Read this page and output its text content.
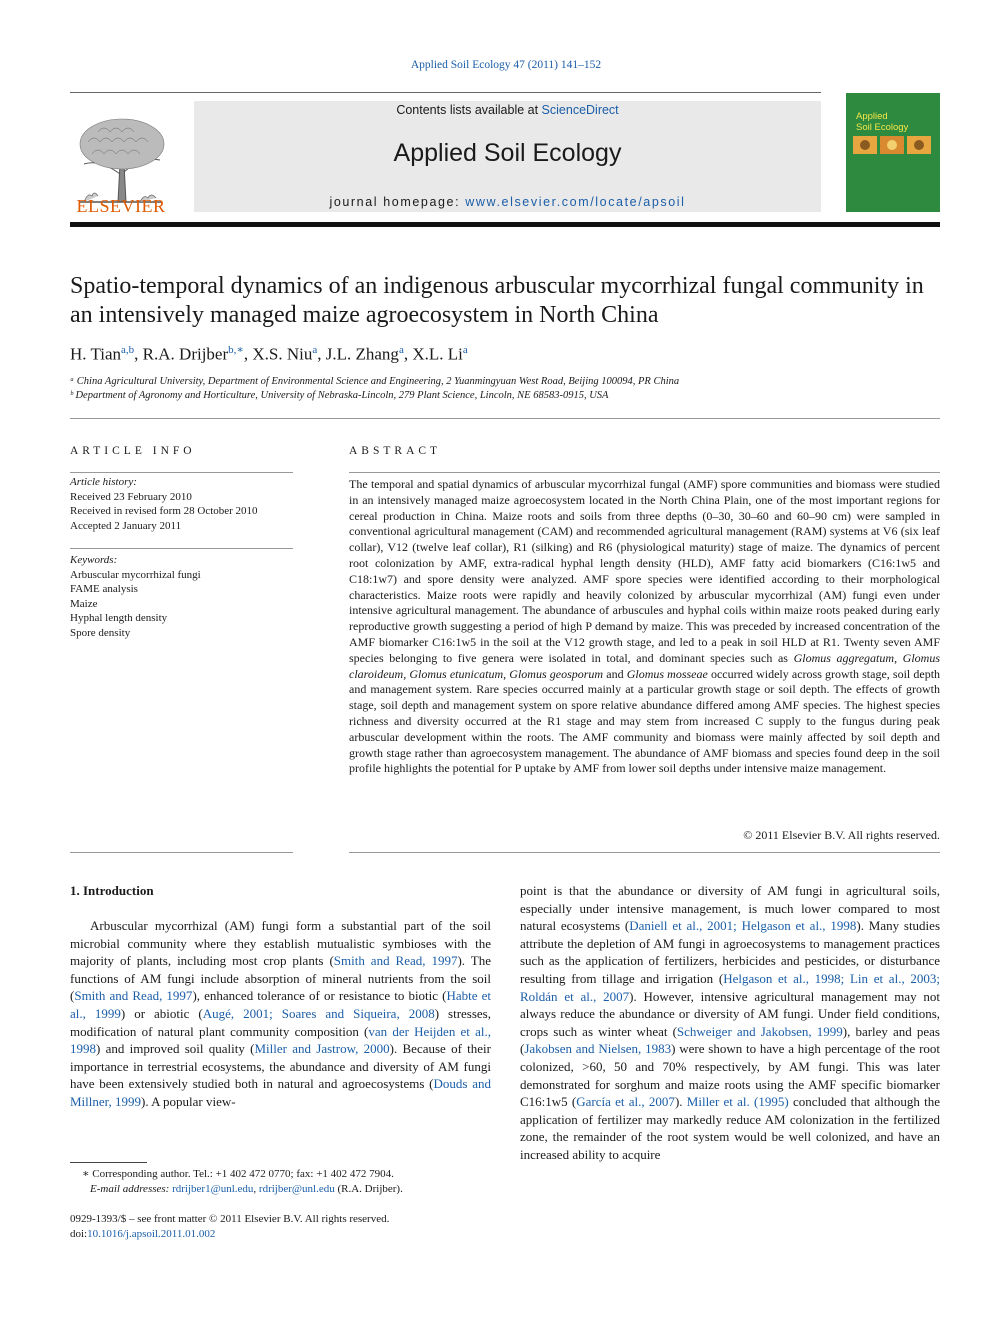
Applied Soil Ecology 47 (2011) 141–152
ELSEVIER
Contents lists available at ScienceDirect
Applied Soil Ecology
journal homepage: www.elsevier.com/locate/apsoil
Applied
Soil Ecology
Spatio-temporal dynamics of an indigenous arbuscular mycorrhizal fungal community in an intensively managed maize agroecosystem in North China
H. Tian$^{a,b}$, R.A. Drijber$^{b,∗}$, X.S. Niu$^a$, J.L. Zhang$^a$, X.L. Li$^a$
ᵃ China Agricultural University, Department of Environmental Science and Engineering, 2 Yuanmingyuan West Road, Beijing 100094, PR China
ᵇ Department of Agronomy and Horticulture, University of Nebraska-Lincoln, 279 Plant Science, Lincoln, NE 68583-0915, USA
ARTICLE INFO	ABSTRACT
Article history:
Received 23 February 2010
Received in revised form 28 October 2010
Accepted 2 January 2011
Keywords:
Arbuscular mycorrhizal fungi
FAME analysis
Maize
Hyphal length density
Spore density
The temporal and spatial dynamics of arbuscular mycorrhizal fungal (AMF) spore communities and biomass were studied in an intensively managed maize agroecosystem located in the North China Plain, one of the most important regions for cereal production in China. Maize roots and soils from three depths (0–30, 30–60 and 60–90 cm) were sampled in conventional agricultural management (CAM) and recommended agricultural management (RAM) systems at V6 (six leaf collar), V12 (twelve leaf collar), R1 (silking) and R6 (physiological maturity) stage of maize. The dynamics of percent root colonization by AMF, extra-radical hyphal length density (HLD), AMF fatty acid biomarkers (C16:1w5 and C18:1w7) and spore density were analyzed. AMF spore species were identified according to their morphological characteristics. Maize roots were rapidly and heavily colonized by arbuscular mycorrhizal (AM) fungi even under intensive agricultural management. The abundance of arbuscules and hyphal coils within maize roots peaked during early reproductive growth suggesting a period of high P demand by maize. This was preceded by increased concentration of the AMF biomarker C16:1w5 in the soil at the V12 growth stage, and led to a peak in soil HLD at R1. Twenty seven AMF species belonging to five genera were isolated in total, and dominant species such as Glomus aggregatum, Glomus claroideum, Glomus etunicatum, Glomus geosporum and Glomus mosseae occurred widely across growth stage, soil depth and management system. Rare species occurred mainly at a particular growth stage or soil depth. The effects of growth stage, soil depth and management system on spore relative abundance differed among AMF species. The highest species richness and diversity occurred at the R1 stage and may stem from increased C supply to the fungus during peak arbuscular development within the roots. The AMF community and biomass were mainly affected by soil depth and growth stage rather than agroecosystem management. The abundance of AMF biomass and species found deep in the soil profile highlights the potential for P uptake by AMF from lower soil depths under intensive maize management.
© 2011 Elsevier B.V. All rights reserved.
1. Introduction

Arbuscular mycorrhizal (AM) fungi form a substantial part of the soil microbial community where they establish mutualistic symbioses with the majority of plants, including most crop plants (Smith and Read, 1997). The functions of AM fungi include absorption of mineral nutrients from the soil (Smith and Read, 1997), enhanced tolerance of or resistance to biotic (Habte et al., 1999) or abiotic (Augé, 2001; Soares and Siqueira, 2008) stresses, modification of natural plant community composition (van der Heijden et al., 1998) and improved soil quality (Miller and Jastrow, 2000). Because of their importance in terrestrial ecosystems, the abundance and diversity of AM fungi have been extensively studied both in natural and agroecosystems (Douds and Millner, 1999). A popular view-

point is that the abundance or diversity of AM fungi in agricultural soils, especially under intensive management, is much lower compared to most natural ecosystems (Daniell et al., 2001; Helgason et al., 1998). Many studies attribute the depletion of AM fungi in agroecosystems to management practices such as the application of fertilizers, herbicides and pesticides, or disturbance resulting from tillage and irrigation (Helgason et al., 1998; Lin et al., 2003; Roldán et al., 2007). However, intensive agricultural management may not always reduce the abundance or diversity of AM fungi. Under field conditions, crops such as winter wheat (Schweiger and Jakobsen, 1999), barley and peas (Jakobsen and Nielsen, 1983) were shown to have a high percentage of the root colonized, >60, 50 and 70% respectively, by AM fungi. This was later demonstrated for sorghum and maize roots using the AMF specific biomarker C16:1w5 (García et al., 2007). Miller et al. (1995) concluded that although the application of fertilizer may markedly reduce AM colonization in the fertilized zone, the remainder of the root system would be well colonized, and have an increased ability to acquire
∗ Corresponding author. Tel.: +1 402 472 0770; fax: +1 402 472 7904.
E-mail addresses: rdrijber1@unl.edu, rdrijber@unl.edu (R.A. Drijber).
0929-1393/$ – see front matter © 2011 Elsevier B.V. All rights reserved.
doi:10.1016/j.apsoil.2011.01.002
